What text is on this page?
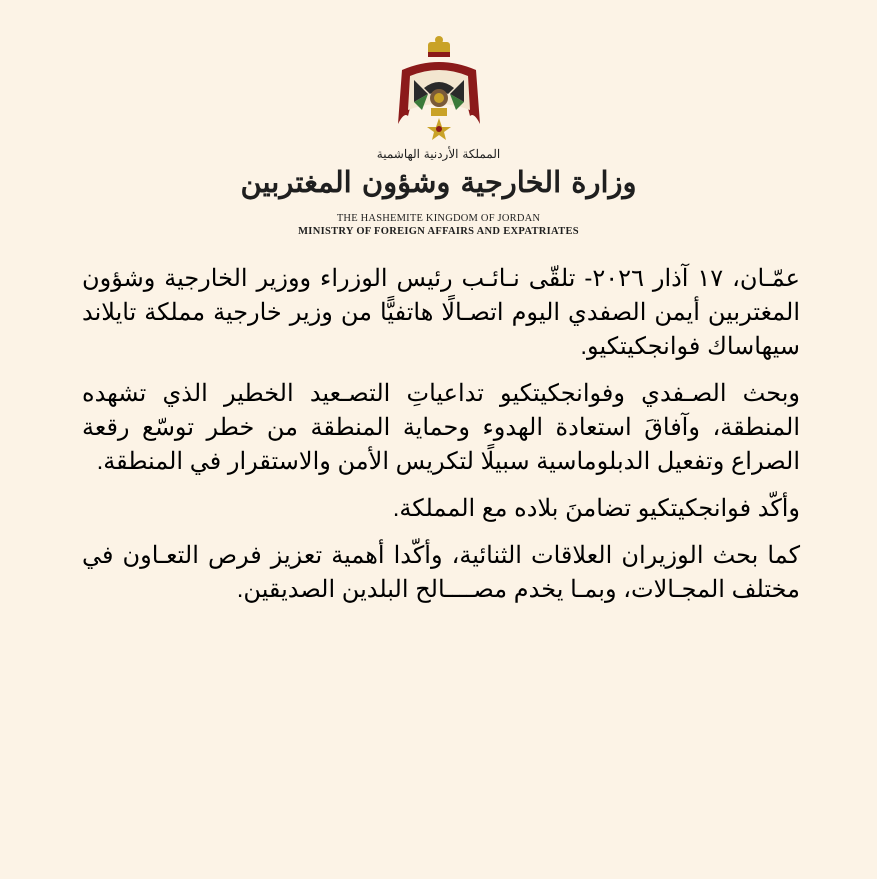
المملكة الأردنية الهاشمية
وزارة الخارجية وشؤون المغتربين
THE HASHEMITE KINGDOM OF JORDAN
MINISTRY OF FOREIGN AFFAIRS AND EXPATRIATES

عمّـان، ١٧ آذار ٢٠٢٦- تلقّى نـائـب رئيس الوزراء ووزير الخارجية وشؤون المغتربين أيمن الصفدي اليوم اتصـالًا هاتفيًّا من وزير خارجية مملكة تايلاند سيهاساك فوانجكيتكيو.

وبحث الصـفدي وفوانجكيتكيو تداعياتِ التصـعيد الخطير الذي تشهده المنطقة، وآفاقَ استعادة الهدوء وحماية المنطقة من خطر توسّع رقعة الصراع وتفعيل الدبلوماسية سبيلًا لتكريس الأمن والاستقرار في المنطقة.

وأكّد فوانجكيتكيو تضامنَ بلاده مع المملكة.

كما بحث الوزيران العلاقات الثنائية، وأكّدا أهمية تعزيز فرص التعـاون في مختلف المجـالات، وبمـا يخدم مصــــالح البلدين الصديقين.
